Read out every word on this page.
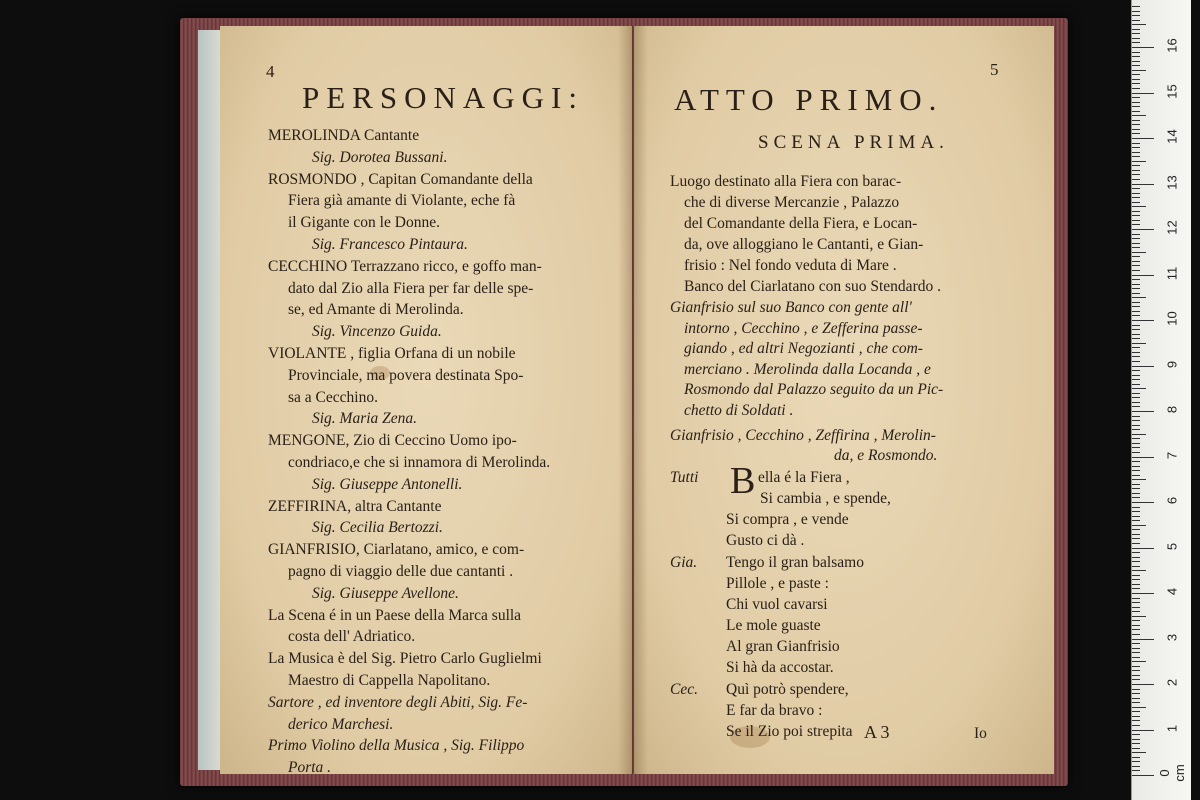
4
PERSONAGGI:
MEROLINDA Cantante
Sig. Dorotea Bussani.
ROSMONDO , Capitan Comandante della
Fiera già amante di Violante, eche fà
il Gigante con le Donne.
Sig. Francesco Pintaura.
CECCHINO Terrazzano ricco, e goffo man-
dato dal Zio alla Fiera per far delle spe-
se, ed Amante di Merolinda.
Sig. Vincenzo Guida.
VIOLANTE , figlia Orfana di un nobile
Provinciale, ma povera destinata Spo-
sa a Cecchino.
Sig. Maria Zena.
MENGONE, Zio di Ceccino Uomo ipo-
condriaco,e che si innamora di Merolinda.
Sig. Giuseppe Antonelli.
ZEFFIRINA, altra Cantante
Sig. Cecilia Bertozzi.
GIANFRISIO, Ciarlatano, amico, e com-
pagno di viaggio delle due cantanti .
Sig. Giuseppe Avellone.
La Scena é in un Paese della Marca sulla
costa dell' Adriatico.
La Musica è del Sig. Pietro Carlo Guglielmi
Maestro di Cappella Napolitano.
Sartore , ed inventore degli Abiti, Sig. Fe-
derico Marchesi.
Primo Violino della Musica , Sig. Filippo
Porta .
5
ATTO PRIMO.
SCENA PRIMA.
Luogo destinato alla Fiera con barac-
che di diverse Mercanzie , Palazzo
del Comandante della Fiera, e Locan-
da, ove alloggiano le Cantanti, e Gian-
frisio : Nel fondo veduta di Mare .
Banco del Ciarlatano con suo Stendardo .
Gianfrisio sul suo Banco con gente all'
intorno , Cecchino , e Zefferina passe-
giando , ed altri Negozianti , che com-
merciano . Merolinda dalla Locanda , e
Rosmondo dal Palazzo seguito da un Pic-
chetto di Soldati .
Gianfrisio , Cecchino , Zeffirina , Merolin-
da, e Rosmondo.
Tutti B ella é la Fiera ,
Si cambia , e spende,
Si compra , e vende
Gusto ci dà .
Gia. Tengo il gran balsamo
Pillole , e paste :
Chi vuol cavarsi
Le mole guaste
Al gran Gianfrisio
Si hà da accostar.
Cec. Quì potrò spendere,
E far da bravo :
Se il Zio poi strepita A 3	Io
0 cm
1
2
3
4
5
6
7
8
9
10
11
12
13
14
15
16
